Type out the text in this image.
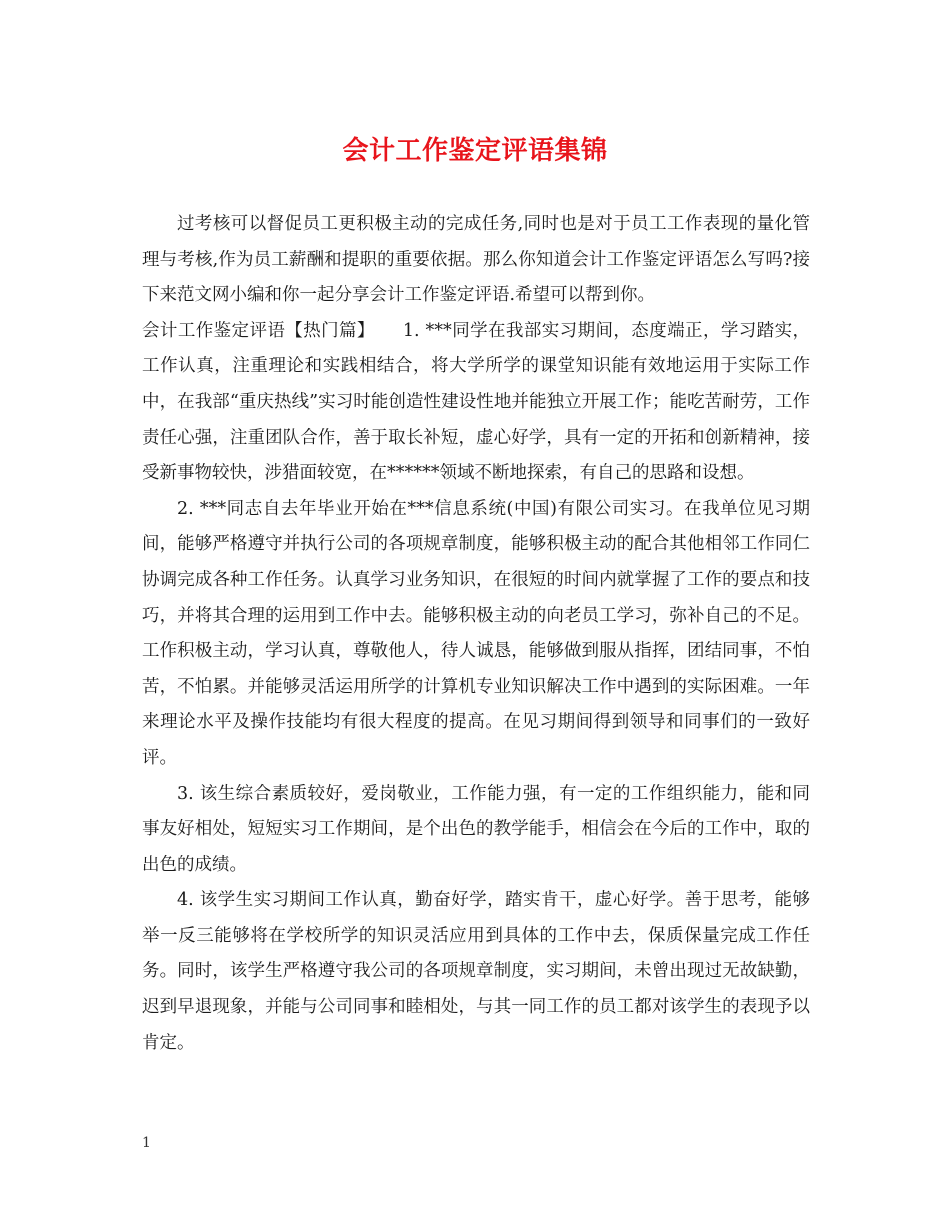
会计工作鉴定评语集锦

过考核可以督促员工更积极主动的完成任务,同时也是对于员工工作表现的量化管理与考核,作为员工薪酬和提职的重要依据。那么你知道会计工作鉴定评语怎么写吗?接下来范文网小编和你一起分享会计工作鉴定评语.希望可以帮到你。

会计工作鉴定评语【热门篇】 1. ***同学在我部实习期间，态度端正，学习踏实，工作认真，注重理论和实践相结合，将大学所学的课堂知识能有效地运用于实际工作中，在我部“重庆热线”实习时能创造性建设性地并能独立开展工作；能吃苦耐劳，工作责任心强，注重团队合作，善于取长补短，虚心好学，具有一定的开拓和创新精神，接受新事物较快，涉猎面较宽，在******领域不断地探索，有自己的思路和设想。

2. ***同志自去年毕业开始在***信息系统(中国)有限公司实习。在我单位见习期间，能够严格遵守并执行公司的各项规章制度，能够积极主动的配合其他相邻工作同仁协调完成各种工作任务。认真学习业务知识，在很短的时间内就掌握了工作的要点和技巧，并将其合理的运用到工作中去。能够积极主动的向老员工学习，弥补自己的不足。工作积极主动，学习认真，尊敬他人，待人诚恳，能够做到服从指挥，团结同事，不怕苦，不怕累。并能够灵活运用所学的计算机专业知识解决工作中遇到的实际困难。一年来理论水平及操作技能均有很大程度的提高。在见习期间得到领导和同事们的一致好评。

3. 该生综合素质较好，爱岗敬业，工作能力强，有一定的工作组织能力，能和同事友好相处，短短实习工作期间，是个出色的教学能手，相信会在今后的工作中，取的出色的成绩。

4. 该学生实习期间工作认真，勤奋好学，踏实肯干，虚心好学。善于思考，能够举一反三能够将在学校所学的知识灵活应用到具体的工作中去，保质保量完成工作任务。同时，该学生严格遵守我公司的各项规章制度，实习期间，未曾出现过无故缺勤，迟到早退现象，并能与公司同事和睦相处，与其一同工作的员工都对该学生的表现予以肯定。

1
